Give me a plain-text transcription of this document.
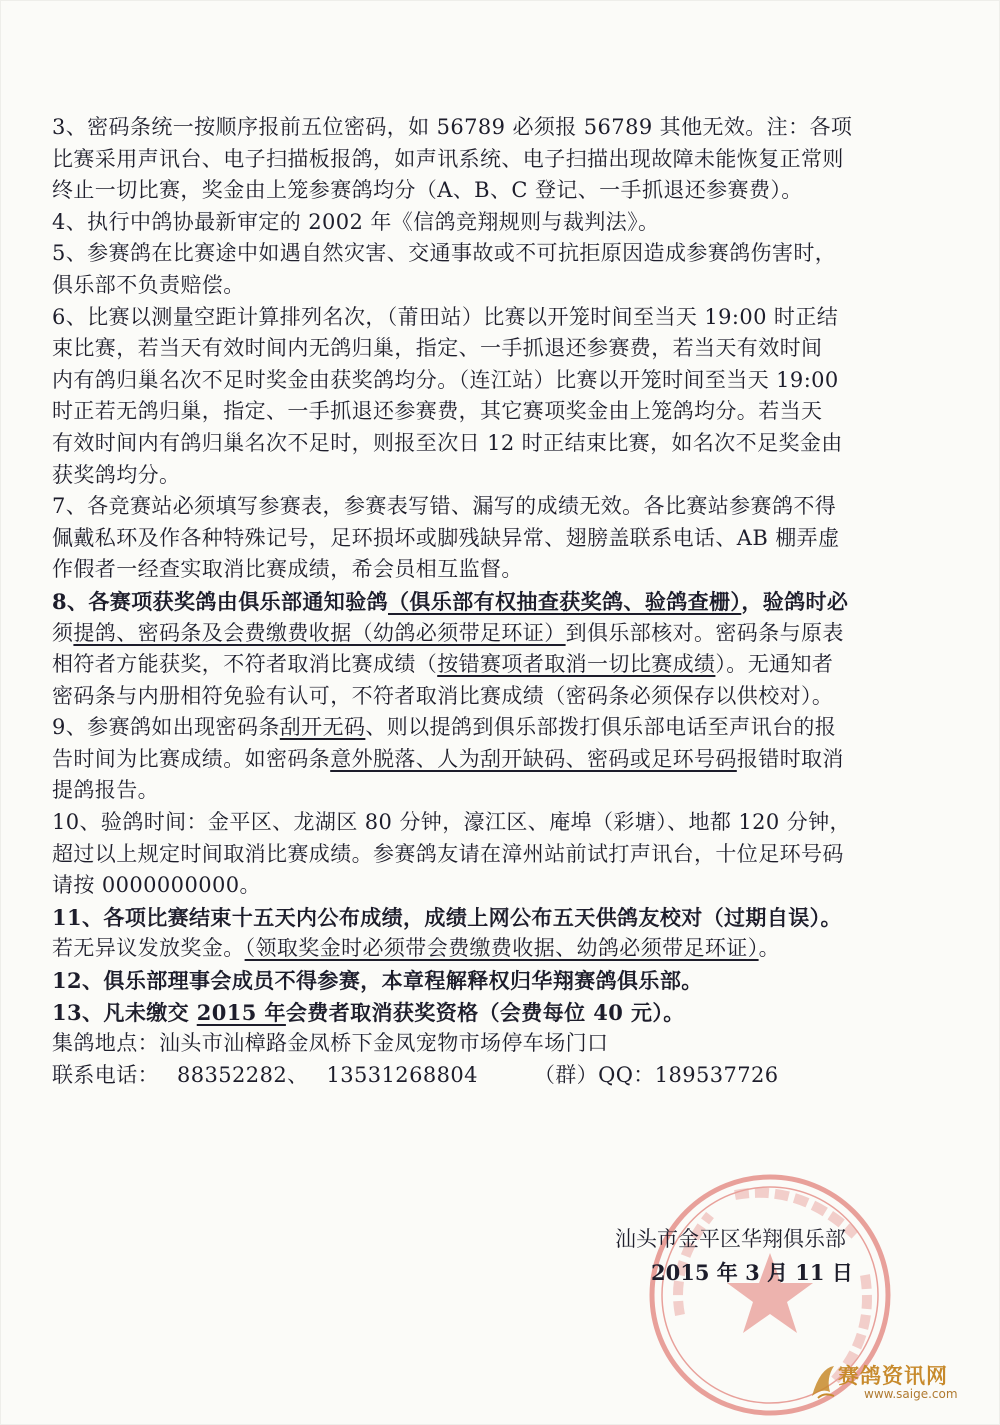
3、密码条统一按顺序报前五位密码，如 56789 必须报 56789 其他无效。注：各项
比赛采用声讯台、电子扫描板报鸽，如声讯系统、电子扫描出现故障未能恢复正常则
终止一切比赛，奖金由上笼参赛鸽均分（A、B、C 登记、一手抓退还参赛费）。
4、执行中鸽协最新审定的 2002 年《信鸽竞翔规则与裁判法》。
5、参赛鸽在比赛途中如遇自然灾害、交通事故或不可抗拒原因造成参赛鸽伤害时，
俱乐部不负责赔偿。
6、比赛以测量空距计算排列名次，（莆田站）比赛以开笼时间至当天 19:00 时正结
束比赛，若当天有效时间内无鸽归巢，指定、一手抓退还参赛费，若当天有效时间
内有鸽归巢名次不足时奖金由获奖鸽均分。（连江站）比赛以开笼时间至当天 19:00
时正若无鸽归巢，指定、一手抓退还参赛费，其它赛项奖金由上笼鸽均分。若当天
有效时间内有鸽归巢名次不足时，则报至次日 12 时正结束比赛，如名次不足奖金由
获奖鸽均分。
7、各竞赛站必须填写参赛表，参赛表写错、漏写的成绩无效。各比赛站参赛鸽不得
佩戴私环及作各种特殊记号，足环损坏或脚残缺异常、翅膀盖联系电话、AB 棚弄虚
作假者一经查实取消比赛成绩，希会员相互监督。
8、各赛项获奖鸽由俱乐部通知验鸽（俱乐部有权抽查获奖鸽、验鸽查栅），验鸽时必
须提鸽、密码条及会费缴费收据（幼鸽必须带足环证）到俱乐部核对。密码条与原表
相符者方能获奖，不符者取消比赛成绩（按错赛项者取消一切比赛成绩）。无通知者
密码条与内册相符免验有认可，不符者取消比赛成绩（密码条必须保存以供校对）。
9、参赛鸽如出现密码条刮开无码、则以提鸽到俱乐部拨打俱乐部电话至声讯台的报
告时间为比赛成绩。如密码条意外脱落、人为刮开缺码、密码或足环号码报错时取消
提鸽报告。
10、验鸽时间：金平区、龙湖区 80 分钟，濠江区、庵埠（彩塘）、地都 120 分钟，
超过以上规定时间取消比赛成绩。参赛鸽友请在漳州站前试打声讯台，十位足环号码
请按 0000000000。
11、各项比赛结束十五天内公布成绩，成绩上网公布五天供鸽友校对（过期自误）。
若无异议发放奖金。（领取奖金时必须带会费缴费收据、幼鸽必须带足环证）。
12、俱乐部理事会成员不得参赛，本章程解释权归华翔赛鸽俱乐部。
13、凡未缴交 2015 年会费者取消获奖资格（会费每位 40 元）。
集鸽地点：汕头市汕樟路金凤桥下金凤宠物市场停车场门口
联系电话： 88352282、 13531268804	（群）QQ：189537726
汕头市金平区华翔俱乐部
2015 年 3 月 11 日
赛鸽资讯网
www.saige.com
